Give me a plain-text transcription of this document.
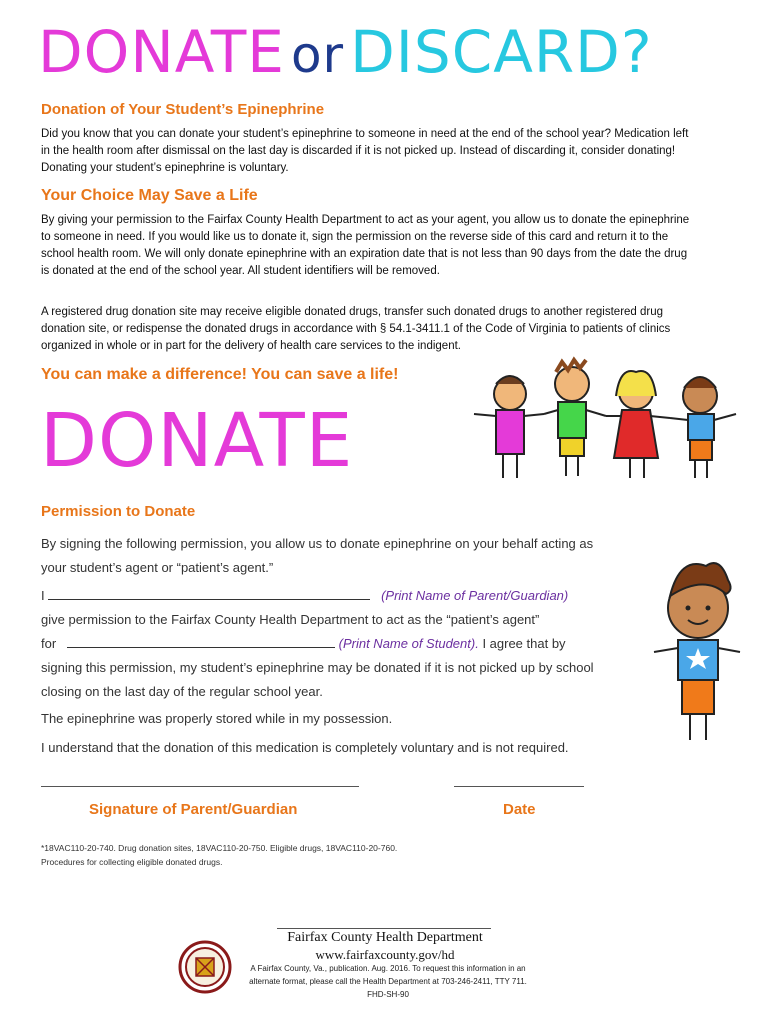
DONATE or DISCARD?
Donation of Your Student’s Epinephrine
Did you know that you can donate your student’s epinephrine to someone in need at the end of the school year? Medication left in the health room after dismissal on the last day is discarded if it is not picked up. Instead of discarding it, consider donating! Donating your student’s epinephrine is voluntary.
Your Choice May Save a Life
By giving your permission to the Fairfax County Health Department to act as your agent, you allow us to donate the epinephrine to someone in need. If you would like us to donate it, sign the permission on the reverse side of this card and return it to the school health room. We will only donate epinephrine with an expiration date that is not less than 90 days from the date the drug is donated at the end of the school year. All student identifiers will be removed.
A registered drug donation site may receive eligible donated drugs, transfer such donated drugs to another registered drug donation site, or redispense the donated drugs in accordance with § 54.1-3411.1 of the Code of Virginia to patients of clinics organized in whole or in part for the delivery of health care services to the indigent.
You can make a difference! You can save a life!
DONATE
Permission to Donate
By signing the following permission, you allow us to donate epinephrine on your behalf acting as your student’s agent or “patient’s agent.”
I	(Print Name of Parent/Guardian)
give permission to the Fairfax County Health Department to act as the “patient’s agent”
for	(Print Name of Student). I agree that by signing this permission, my student’s epinephrine may be donated if it is not picked up by school closing on the last day of the regular school year.
The epinephrine was properly stored while in my possession.
I understand that the donation of this medication is completely voluntary and is not required.
Signature of Parent/Guardian	Date
*18VAC110-20-740. Drug donation sites, 18VAC110-20-750. Eligible drugs, 18VAC110-20-760.
Procedures for collecting eligible donated drugs.
Fairfax County Health Department
www.fairfaxcounty.gov/hd
A Fairfax County, Va., publication. Aug. 2016. To request this information in an
alternate format, please call the Health Department at 703-246-2411, TTY 711.
FHD-SH-90
